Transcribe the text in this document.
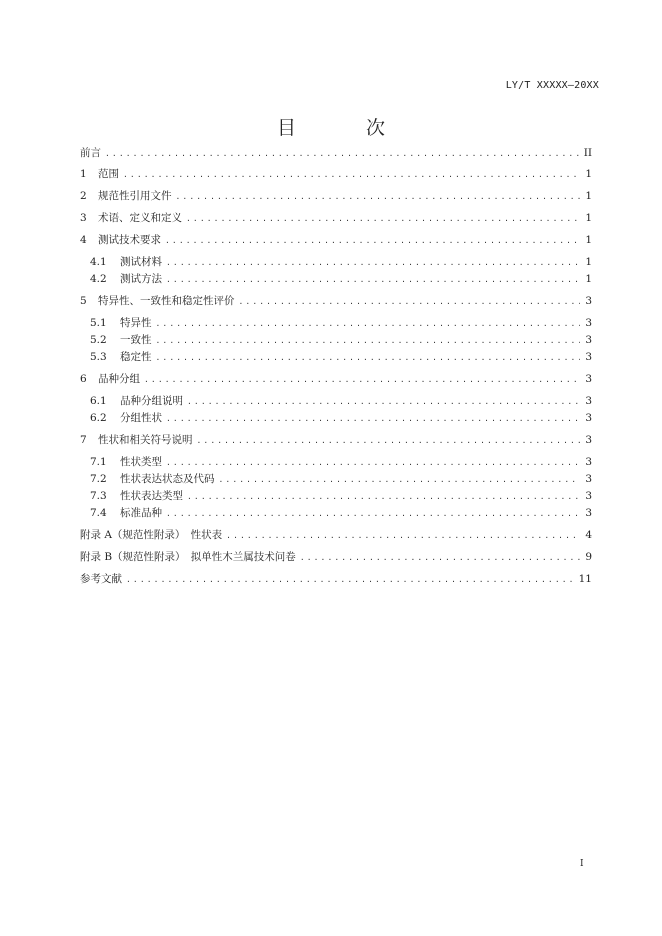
LY/T XXXXX—20XX
目 次
前言 .....	II
1	范围 .....	1
2	规范性引用文件 .....	1
3	术语、定义和定义 .....	1
4	测试技术要求 .....	1
4.1	测试材料 .....	1
4.2	测试方法 .....	1
5	特异性、一致性和稳定性评价 .....	3
5.1	特异性 .....	3
5.2	一致性 .....	3
5.3	稳定性 .....	3
6	品种分组 .....	3
6.1	品种分组说明 .....	3
6.2	分组性状 .....	3
7	性状和相关符号说明 .....	3
7.1	性状类型 .....	3
7.2	性状表达状态及代码 .....	3
7.3	性状表达类型 .....	3
7.4	标准品种 .....	3
附录 A（规范性附录）　性状表 .....	4
附录 B（规范性附录）　拟单性木兰属技术问卷 .....	9
参考文献 .....	11
I
